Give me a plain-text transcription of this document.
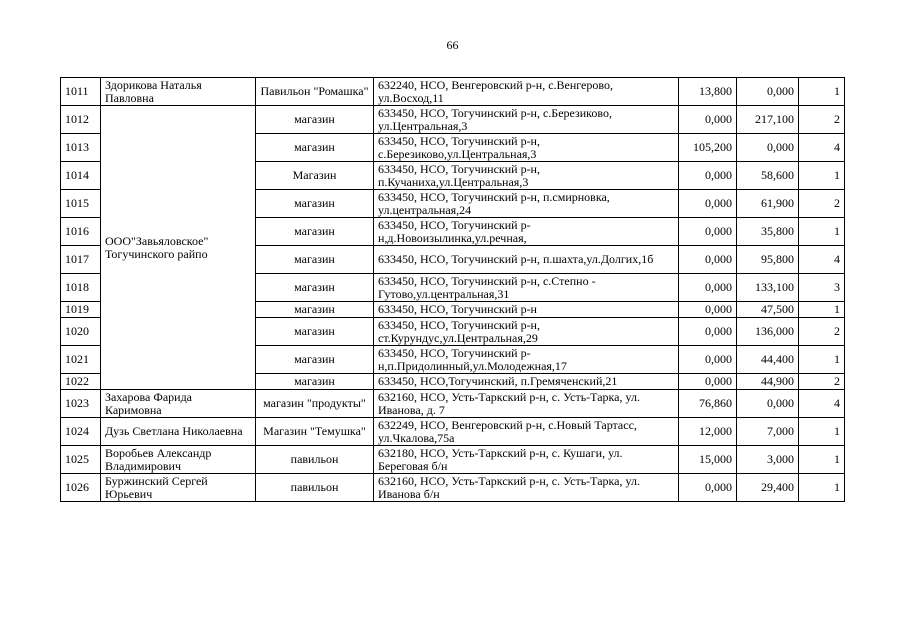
66
1011	Здорикова Наталья Павловна	Павильон "Ромашка"	632240, НСО, Венгеровский р-н, с.Венгерово, ул.Восход,11	13,800	0,000	1
1012	ООО"Завьяловское" Тогучинского райпо	магазин	633450, НСО, Тогучинский р-н, с.Березиково, ул.Центральная,3	0,000	217,100	2
1013		магазин	633450, НСО, Тогучинский р-н, с.Березиково,ул.Центральная,3	105,200	0,000	4
1014		Магазин	633450, НСО, Тогучинский р-н, п.Кучаниха,ул.Центральная,3	0,000	58,600	1
1015		магазин	633450, НСО, Тогучинский р-н, п.смирновка, ул.центральная,24	0,000	61,900	2
1016		магазин	633450, НСО, Тогучинский р-н,д.Новоизылинка,ул.речная,	0,000	35,800	1
1017		магазин	633450, НСО, Тогучинский р-н, п.шахта,ул.Долгих,1б	0,000	95,800	4
1018		магазин	633450, НСО, Тогучинский р-н, с.Степно - Гутово,ул.центральная,31	0,000	133,100	3
1019		магазин	633450, НСО, Тогучинский р-н	0,000	47,500	1
1020		магазин	633450, НСО, Тогучинский р-н, ст.Курундус,ул.Центральная,29	0,000	136,000	2
1021		магазин	633450, НСО, Тогучинский р-н,п.Придолинный,ул.Молодежная,17	0,000	44,400	1
1022		магазин	633450, НСО,Тогучинский, п.Гремяченский,21	0,000	44,900	2
1023	Захарова Фарида Каримовна	магазин "продукты"	632160, НСО, Усть-Таркский р-н, с. Усть-Тарка, ул. Иванова, д. 7	76,860	0,000	4
1024	Дузь Светлана Николаевна	Магазин "Темушка"	632249, НСО, Венгеровский р-н, с.Новый Тартасс, ул.Чкалова,75а	12,000	7,000	1
1025	Воробьев Александр Владимирович	павильон	632180, НСО, Усть-Таркский р-н, с. Кушаги, ул. Береговая б/н	15,000	3,000	1
1026	Буржинский Сергей Юрьевич	павильон	632160, НСО, Усть-Таркский р-н, с. Усть-Тарка, ул. Иванова б/н	0,000	29,400	1
